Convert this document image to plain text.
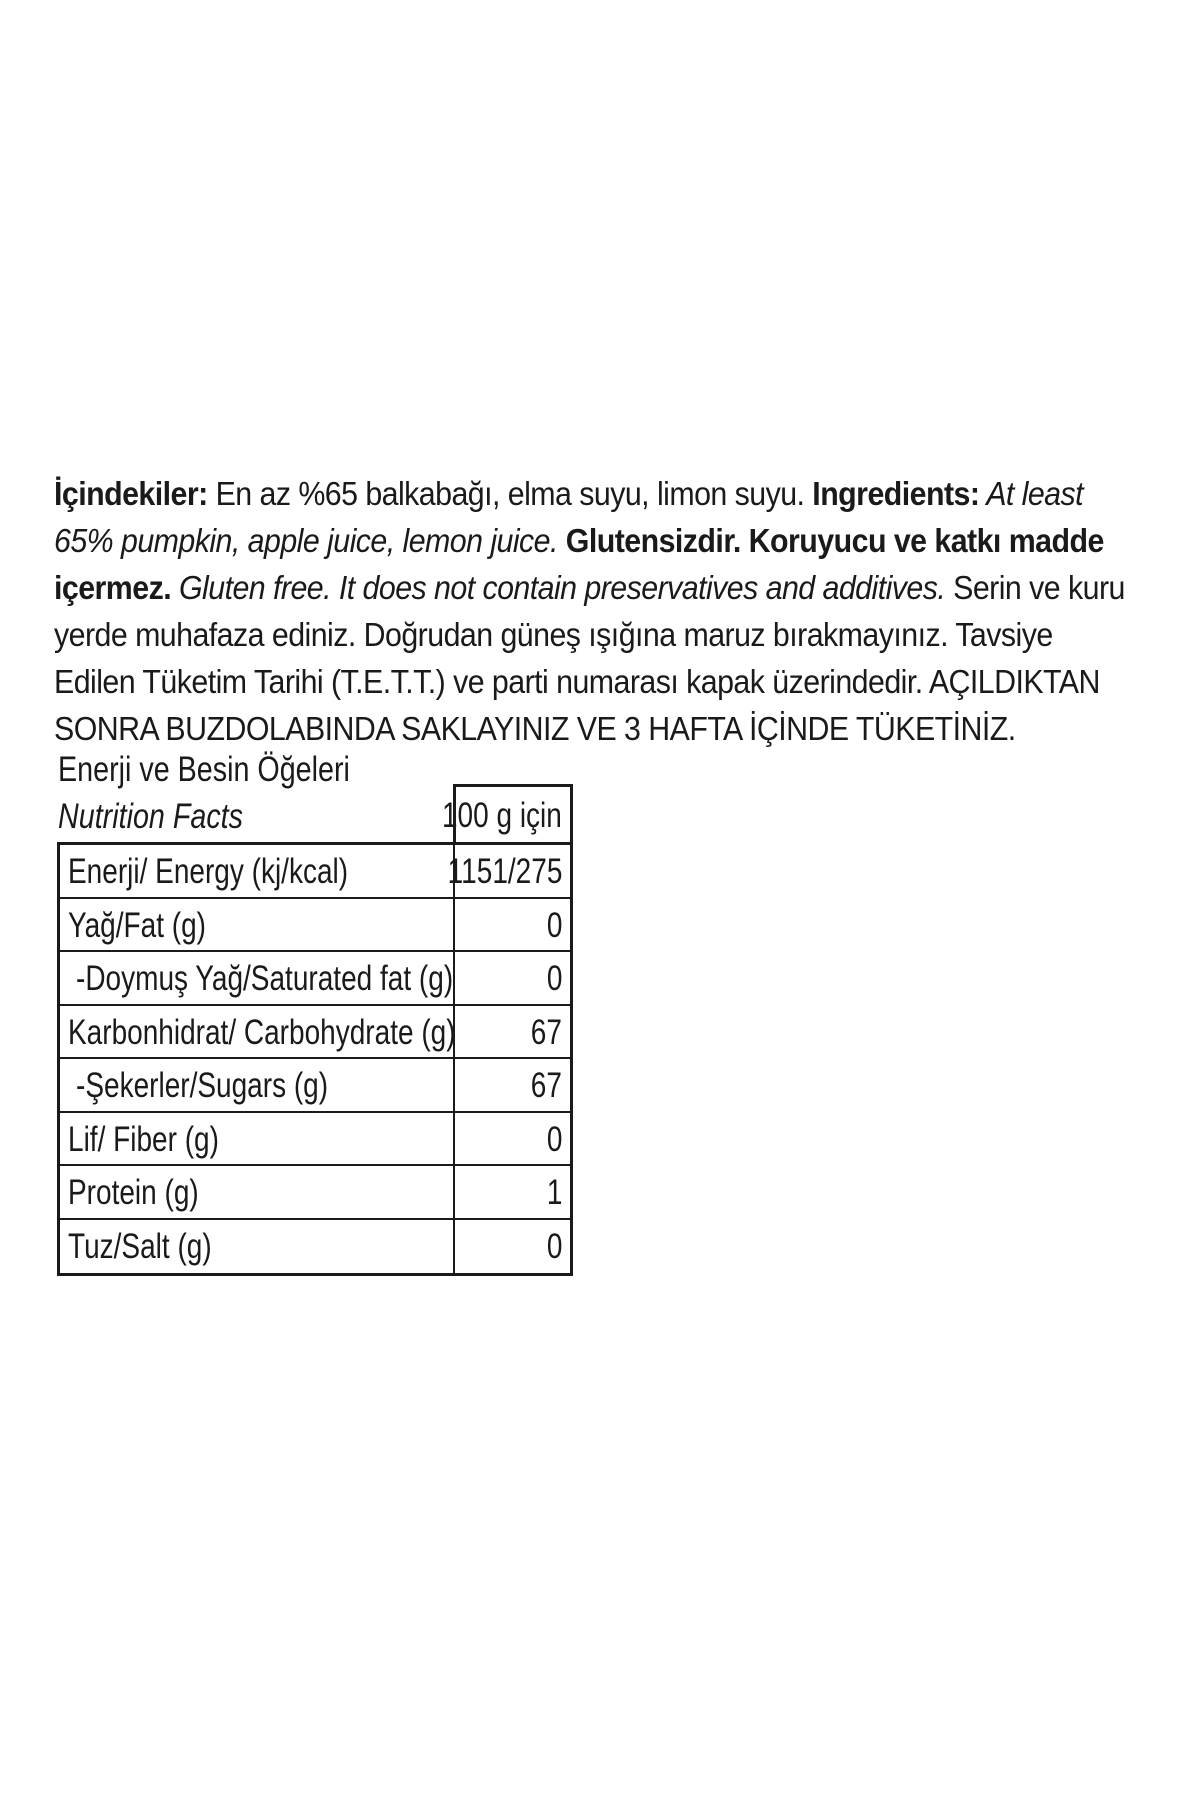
İçindekiler: En az %65 balkabağı, elma suyu, limon suyu. Ingredients: At least 65% pumpkin, apple juice, lemon juice. Glutensizdir. Koruyucu ve katkı madde içermez. Gluten free. It does not contain preservatives and additives. Serin ve kuru yerde muhafaza ediniz. Doğrudan güneş ışığına maruz bırakmayınız. Tavsiye Edilen Tüketim Tarihi (T.E.T.T.) ve parti numarası kapak üzerindedir. AÇILDIKTAN SONRA BUZDOLABINDA SAKLAYINIZ VE 3 HAFTA İÇİNDE TÜKETİNİZ.
Enerji ve Besin Öğeleri
Nutrition Facts	100 g için
Enerji/ Energy (kj/kcal)	1151/275
Yağ/Fat (g)	0
-Doymuş Yağ/Saturated fat (g)	0
Karbonhidrat/ Carbohydrate (g) 67
-Şekerler/Sugars (g)	67
Lif/ Fiber (g)	0
Protein (g)	1
Tuz/Salt (g)	0
